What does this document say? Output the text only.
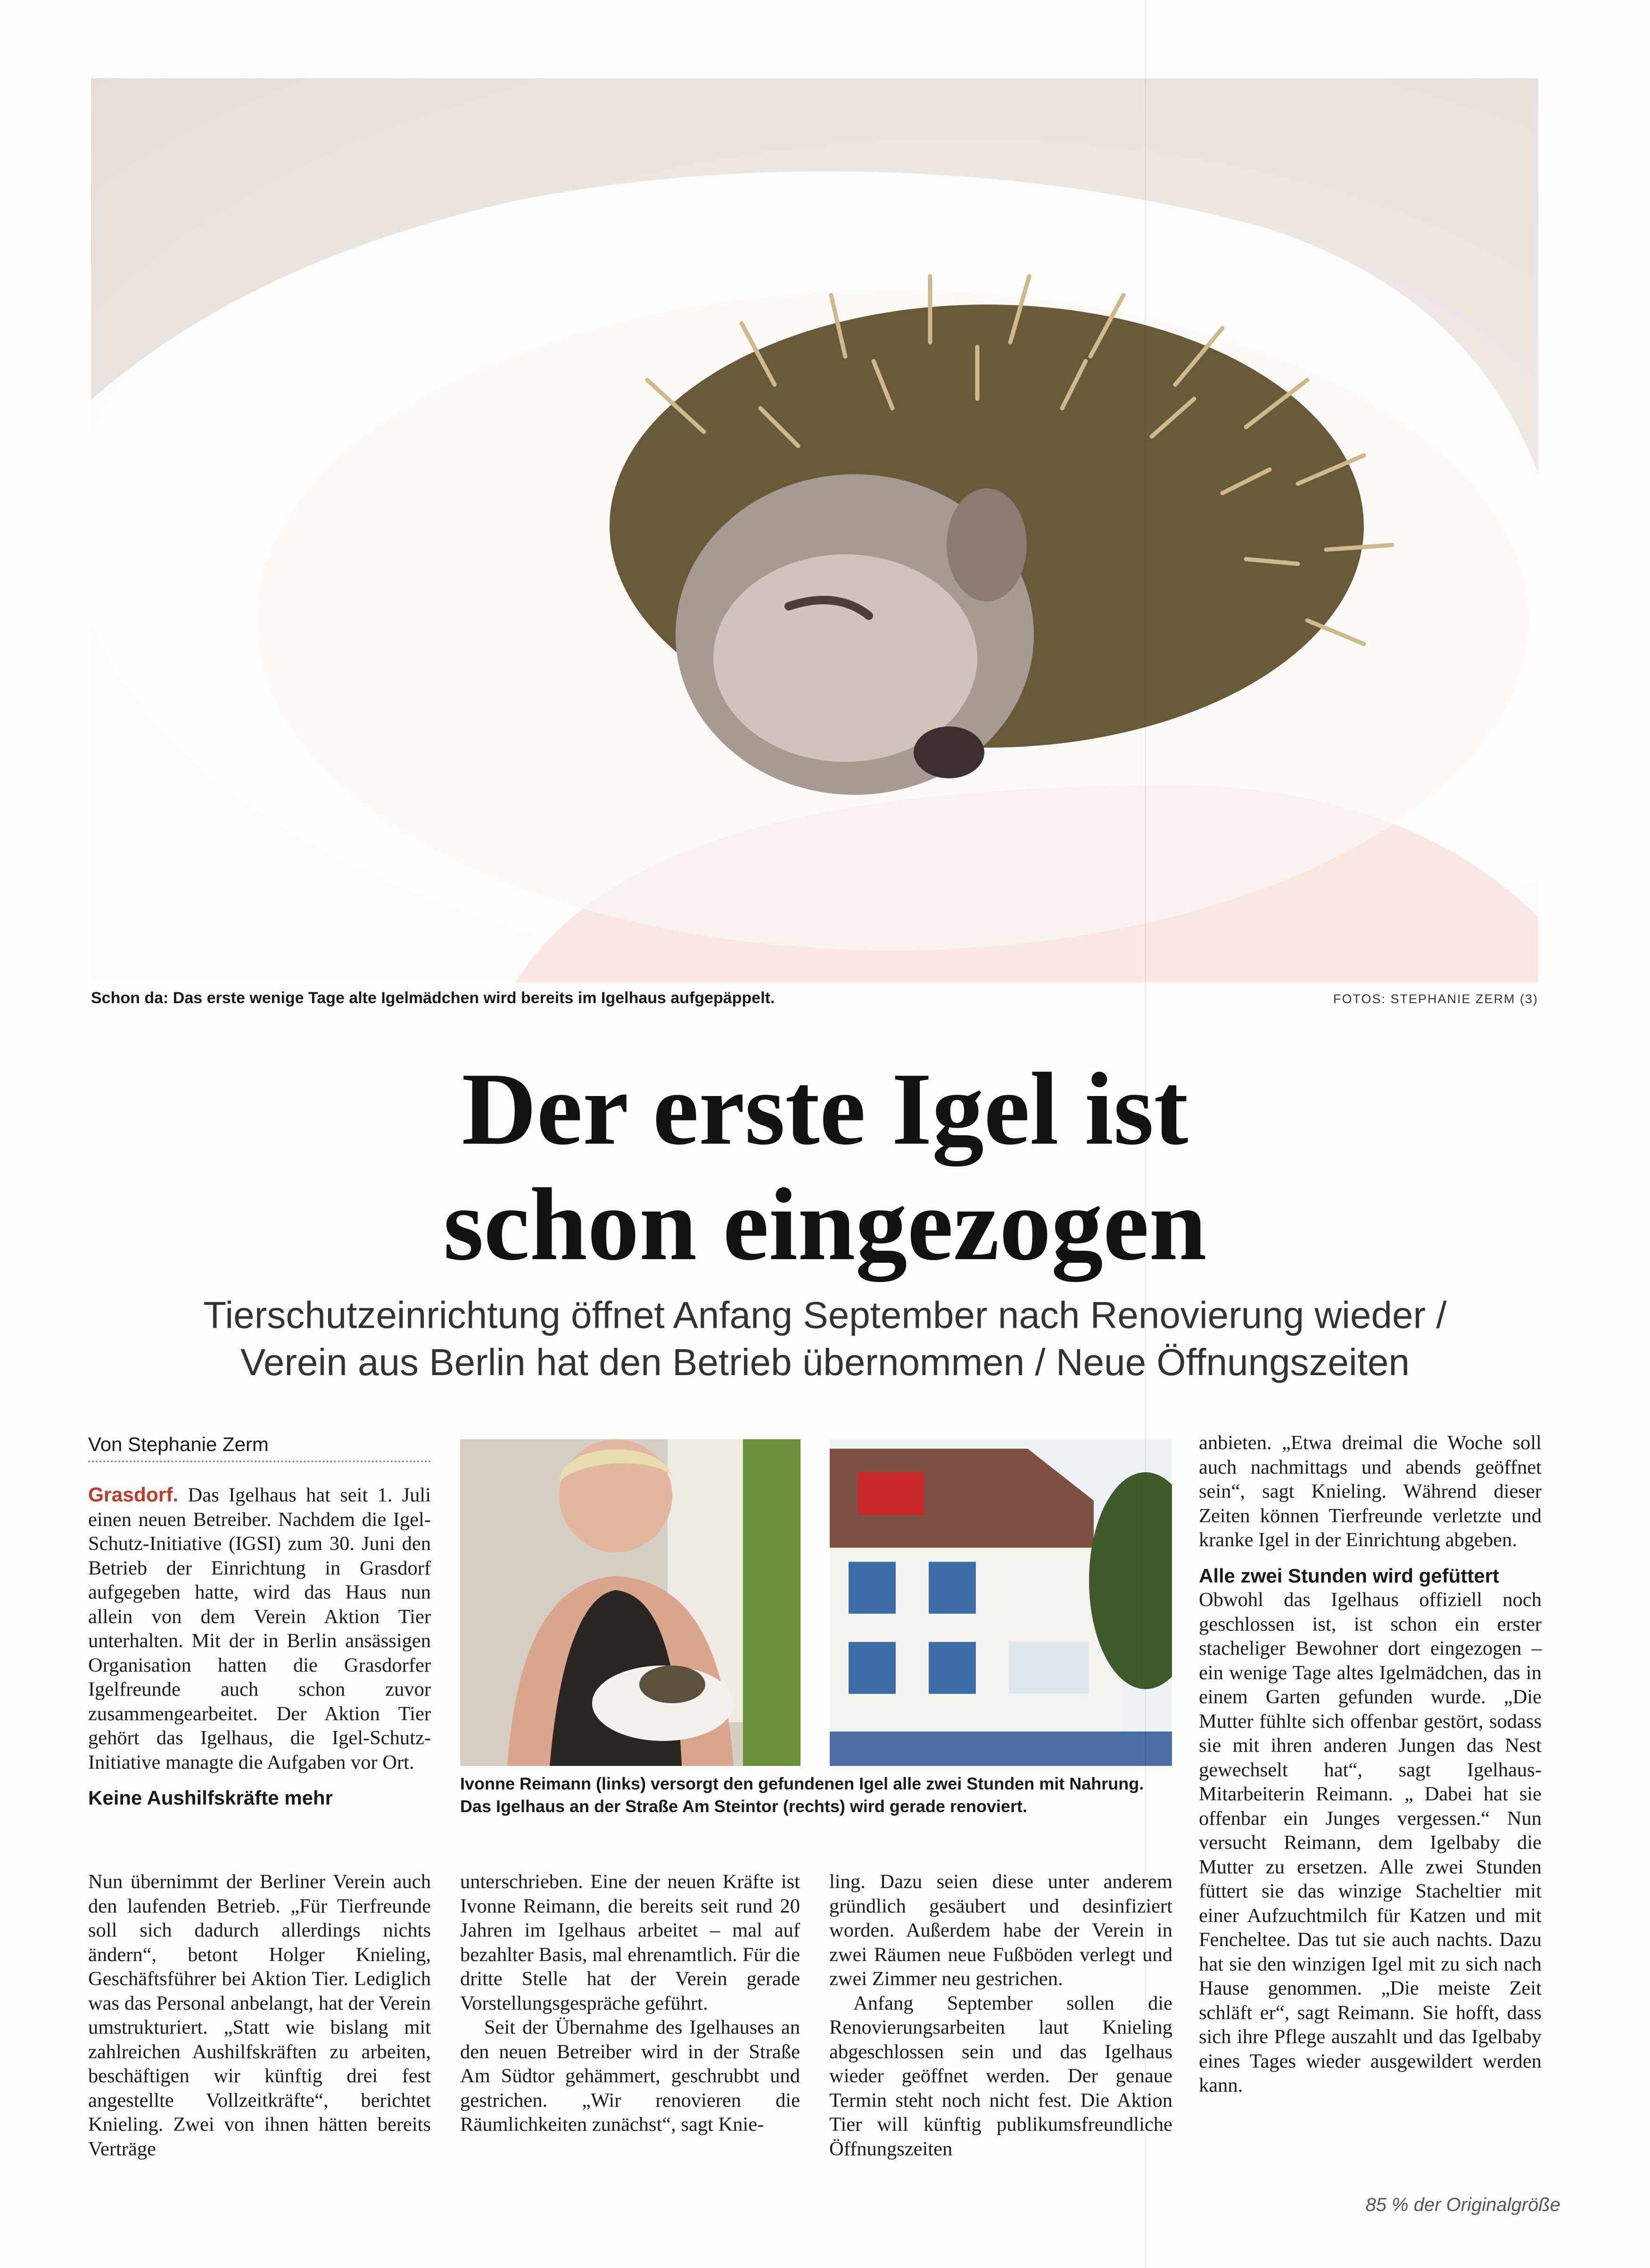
Schon da: Das erste wenige Tage alte Igelmädchen wird bereits im Igelhaus aufgepäppelt.	FOTOS: STEPHANIE ZERM (3)
Der erste Igel ist
schon eingezogen
Tierschutzeinrichtung öffnet Anfang September nach Renovierung wieder /
Verein aus Berlin hat den Betrieb übernommen / Neue Öffnungszeiten
Von Stephanie Zerm

Grasdorf. Das Igelhaus hat seit 1. Juli einen neuen Betreiber. Nachdem die Igel-Schutz-Initiative (IGSI) zum 30. Juni den Betrieb der Einrichtung in Grasdorf aufgegeben hatte, wird das Haus nun allein von dem Verein Aktion Tier unterhalten. Mit der in Berlin ansässigen Organisation hatten die Grasdorfer Igelfreunde auch schon zuvor zusammengearbeitet. Der Aktion Tier gehört das Igelhaus, die Igel-Schutz-Initiative managte die Aufgaben vor Ort.

Keine Aushilfskräfte mehr

Nun übernimmt der Berliner Verein auch den laufenden Betrieb. „Für Tierfreunde soll sich dadurch allerdings nichts ändern“, betont Holger Knieling, Geschäftsführer bei Aktion Tier. Lediglich was das Personal anbelangt, hat der Verein umstrukturiert. „Statt wie bislang mit zahlreichen Aushilfskräften zu arbeiten, beschäftigen wir künftig drei fest angestellte Vollzeitkräfte“, berichtet Knieling. Zwei von ihnen hätten bereits Verträge

Ivonne Reimann (links) versorgt den gefundenen Igel alle zwei Stunden mit Nahrung. Das Igelhaus an der Straße Am Steintor (rechts) wird gerade renoviert.

unterschrieben. Eine der neuen Kräfte ist Ivonne Reimann, die bereits seit rund 20 Jahren im Igelhaus arbeitet – mal auf bezahlter Basis, mal ehrenamtlich. Für die dritte Stelle hat der Verein gerade Vorstellungsgespräche geführt.

Seit der Übernahme des Igelhauses an den neuen Betreiber wird in der Straße Am Südtor gehämmert, geschrubbt und gestrichen. „Wir renovieren die Räumlichkeiten zunächst“, sagt Knie-

ling. Dazu seien diese unter anderem gründlich gesäubert und desinfiziert worden. Außerdem habe der Verein in zwei Räumen neue Fußböden verlegt und zwei Zimmer neu gestrichen.

Anfang September sollen die Renovierungsarbeiten laut Knieling abgeschlossen sein und das Igelhaus wieder geöffnet werden. Der genaue Termin steht noch nicht fest. Die Aktion Tier will künftig publikumsfreundliche Öffnungszeiten

anbieten. „Etwa dreimal die Woche soll auch nachmittags und abends geöffnet sein“, sagt Knieling. Während dieser Zeiten können Tierfreunde verletzte und kranke Igel in der Einrichtung abgeben.

Alle zwei Stunden wird gefüttert

Obwohl das Igelhaus offiziell noch geschlossen ist, ist schon ein erster stacheliger Bewohner dort eingezogen – ein wenige Tage altes Igelmädchen, das in einem Garten gefunden wurde. „Die Mutter fühlte sich offenbar gestört, sodass sie mit ihren anderen Jungen das Nest gewechselt hat“, sagt Igelhaus-Mitarbeiterin Reimann. „ Dabei hat sie offenbar ein Junges vergessen.“ Nun versucht Reimann, dem Igelbaby die Mutter zu ersetzen. Alle zwei Stunden füttert sie das winzige Stacheltier mit einer Aufzuchtmilch für Katzen und mit Fencheltee. Das tut sie auch nachts. Dazu hat sie den winzigen Igel mit zu sich nach Hause genommen. „Die meiste Zeit schläft er“, sagt Reimann. Sie hofft, dass sich ihre Pflege auszahlt und das Igelbaby eines Tages wieder ausgewildert werden kann.

85 % der Originalgröße
